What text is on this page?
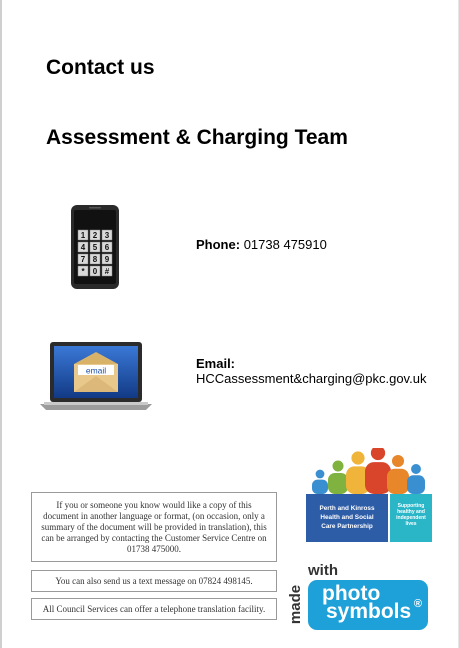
Contact us
Assessment & Charging Team
1 2 3
4 5 6
7 8 9
* 0 #
Phone: 01738 475910
email	Email:
HCCassessment&charging@pkc.gov.uk
If you or someone you know would like a copy of this document in another language or format, (on occasion, only a summary of the document will be provided in translation), this can be arranged by contacting the Customer Service Centre on 01738 475000.
You can also send us a text message on 07824 498145.
All Council Services can offer a telephone translation facility.
Perth and Kinross
Health and Social
Care Partnership
Supporting
healthy and
independent
lives
made
with
photo
symbols ®
